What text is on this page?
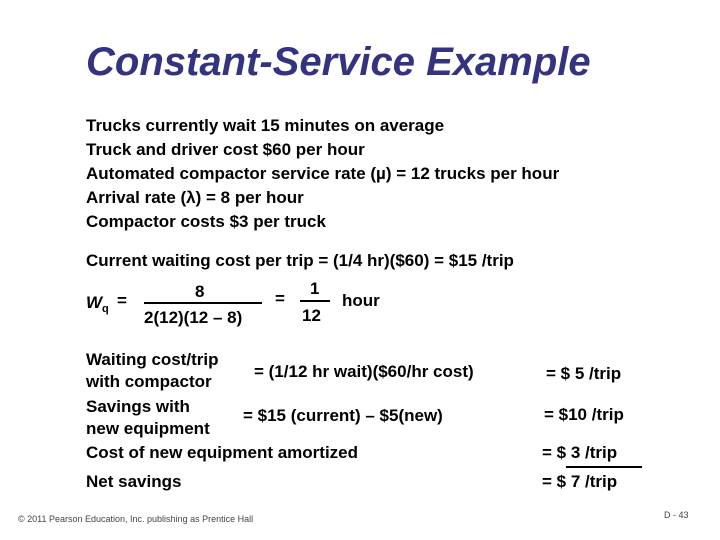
Constant-Service Example
Trucks currently wait 15 minutes on average
Truck and driver cost $60 per hour
Automated compactor service rate (µ) = 12 trucks per hour
Arrival rate (λ) = 8 per hour
Compactor costs $3 per truck
Current waiting cost per trip = (1/4 hr)($60) = $15 /trip
$W_q$ =	8
2(12)(12 – 8)
=
1
12
hour
Waiting cost/trip
with compactor
= (1/12 hr wait)($60/hr cost)	= $ 5 /trip
Savings with
new equipment
= $15 (current) – $5(new)	= $10 /trip
Cost of new equipment amortized	= $ 3 /trip
Net savings	= $ 7 /trip
© 2011 Pearson Education, Inc. publishing as Prentice Hall	D - 43
